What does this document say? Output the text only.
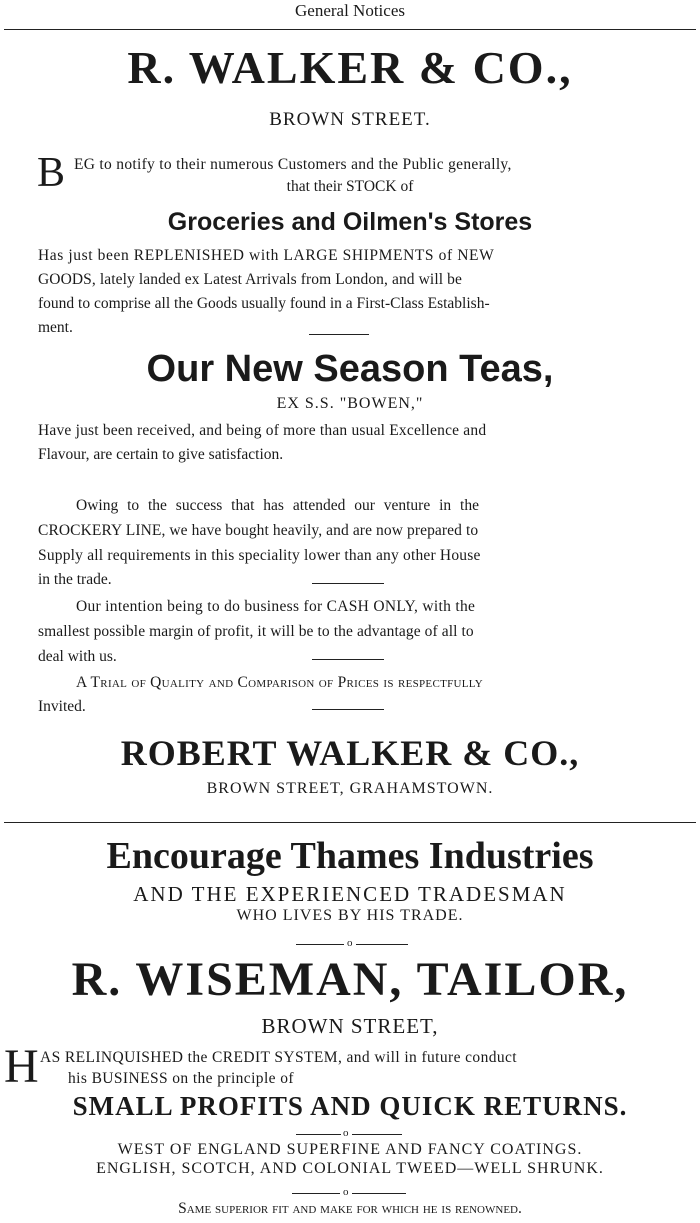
General Notices
R. WALKER & CO.,
BROWN STREET.
B EG to notify to their numerous Customers and the Public generally,
that their STOCK of
Groceries and Oilmen's Stores
Has just been REPLENISHED with LARGE SHIPMENTS of NEW
GOODS, lately landed ex Latest Arrivals from London, and will be
found to comprise all the Goods usually found in a First-Class Establish-
ment.
Our New Season Teas,
EX S.S. "BOWEN,"
Have just been received, and being of more than usual Excellence and
Flavour, are certain to give satisfaction.
Owing to the success that has attended our venture in the
CROCKERY LINE, we have bought heavily, and are now prepared to
Supply all requirements in this speciality lower than any other House
in the trade.
Our intention being to do business for CASH ONLY, with the
smallest possible margin of profit, it will be to the advantage of all to
deal with us.
A Trial of Quality and Comparison of Prices is respectfully
Invited.
ROBERT WALKER & CO.,
BROWN STREET, GRAHAMSTOWN.
Encourage Thames Industries
AND THE EXPERIENCED TRADESMAN
WHO LIVES BY HIS TRADE.
o
R. WISEMAN, TAILOR,
BROWN STREET,
H AS RELINQUISHED the CREDIT SYSTEM, and will in future conduct
his BUSINESS on the principle of
SMALL PROFITS AND QUICK RETURNS.
o
WEST OF ENGLAND SUPERFINE AND FANCY COATINGS.
ENGLISH, SCOTCH, AND COLONIAL TWEED—WELL SHRUNK.
o
Same superior fit and make for which he is renowned.
